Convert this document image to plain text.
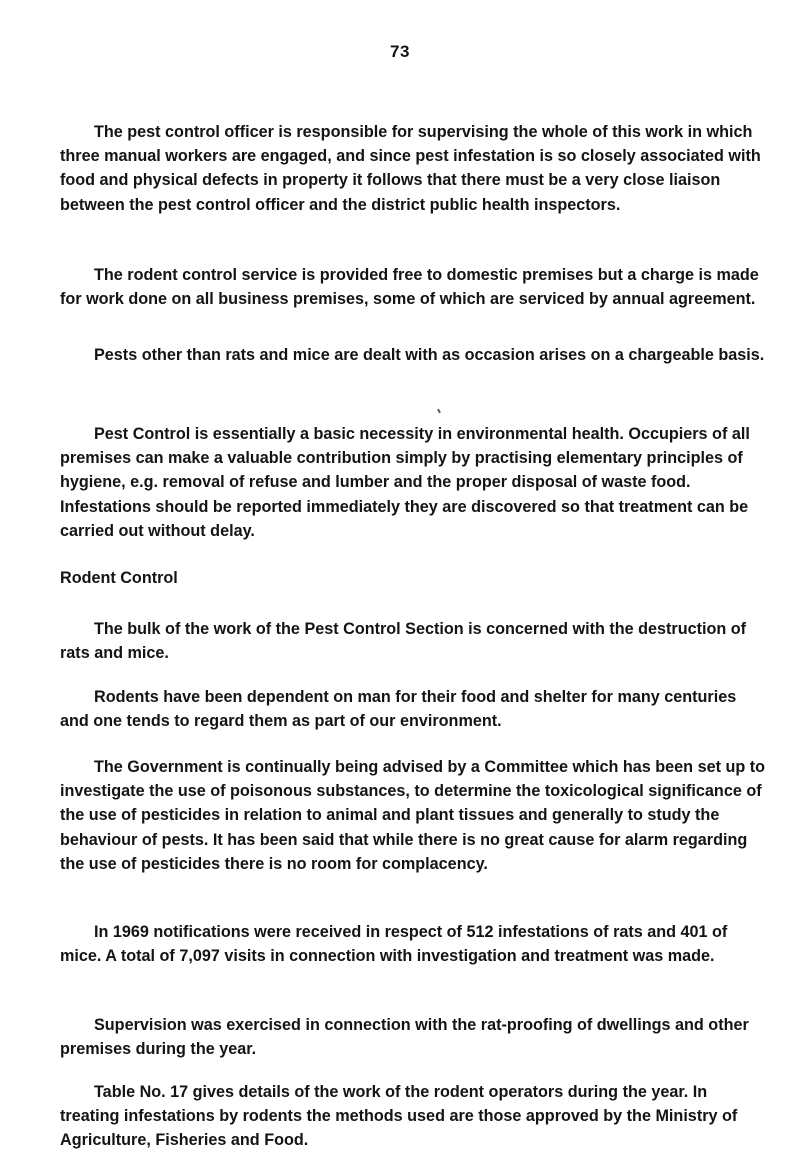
73

The pest control officer is responsible for supervising the whole of this work in which three manual workers are engaged, and since pest infestation is so closely associated with food and physical defects in property it follows that there must be a very close liaison between the pest control officer and the district public health inspectors.

The rodent control service is provided free to domestic premises but a charge is made for work done on all business premises, some of which are serviced by annual agreement.

Pests other than rats and mice are dealt with as occasion arises on a chargeable basis.

Pest Control is essentially a basic necessity in environmental health. Occupiers of all premises can make a valuable contribution simply by practising elementary principles of hygiene, e.g. removal of refuse and lumber and the proper disposal of waste food. Infestations should be reported immediately they are discovered so that treatment can be carried out without delay.

Rodent Control

The bulk of the work of the Pest Control Section is concerned with the destruction of rats and mice.

Rodents have been dependent on man for their food and shelter for many centuries and one tends to regard them as part of our environment.

The Government is continually being advised by a Committee which has been set up to investigate the use of poisonous substances, to determine the toxicological significance of the use of pesticides in relation to animal and plant tissues and generally to study the behaviour of pests. It has been said that while there is no great cause for alarm regarding the use of pesticides there is no room for complacency.

In 1969 notifications were received in respect of 512 infestations of rats and 401 of mice. A total of 7,097 visits in connection with investigation and treatment was made.

Supervision was exercised in connection with the rat-proofing of dwellings and other premises during the year.

Table No. 17 gives details of the work of the rodent operators during the year. In treating infestations by rodents the methods used are those approved by the Ministry of Agriculture, Fisheries and Food.
